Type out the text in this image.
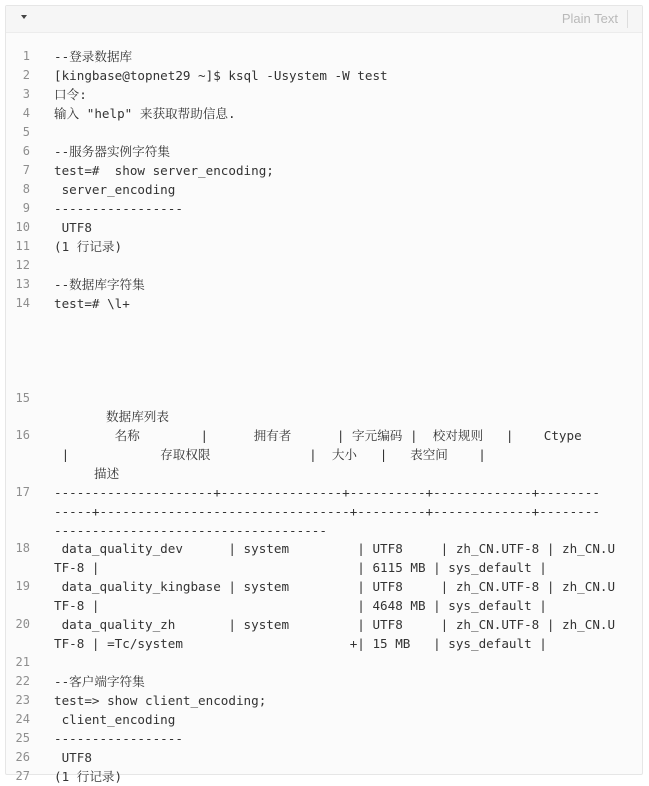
Plain Text
1 --登录数据库
2 [kingbase@topnet29 ~]$ ksql -Usystem -W test
3 口令:
4 输入 "help" 来获取帮助信息.
5
6 --服务器实例字符集
7 test=#  show server_encoding;
8 server_encoding
9 -----------------
10 UTF8
11 (1 行记录)
12
13 --数据库字符集
14 test=# \l+
15
数据库列表
16 名称        |      拥有者      | 字元编码 |  校对规则   |    Ctype
|            存取权限             |  大小   |   表空间    |
描述
17 ---------------------+----------------+----------+-------------+--------
-----+---------------------------------+---------+-------------+--------
------------------------------------
18 data_quality_dev      | system         | UTF8     | zh_CN.UTF-8 | zh_CN.U
TF-8 |                                  | 6115 MB | sys_default |
19 data_quality_kingbase | system         | UTF8     | zh_CN.UTF-8 | zh_CN.U
TF-8 |                                  | 4648 MB | sys_default |
20 data_quality_zh       | system         | UTF8     | zh_CN.UTF-8 | zh_CN.U
TF-8 | =Tc/system                      +| 15 MB   | sys_default |
21
22 --客户端字符集
23 test=> show client_encoding;
24 client_encoding
25 -----------------
26 UTF8
27 (1 行记录)
